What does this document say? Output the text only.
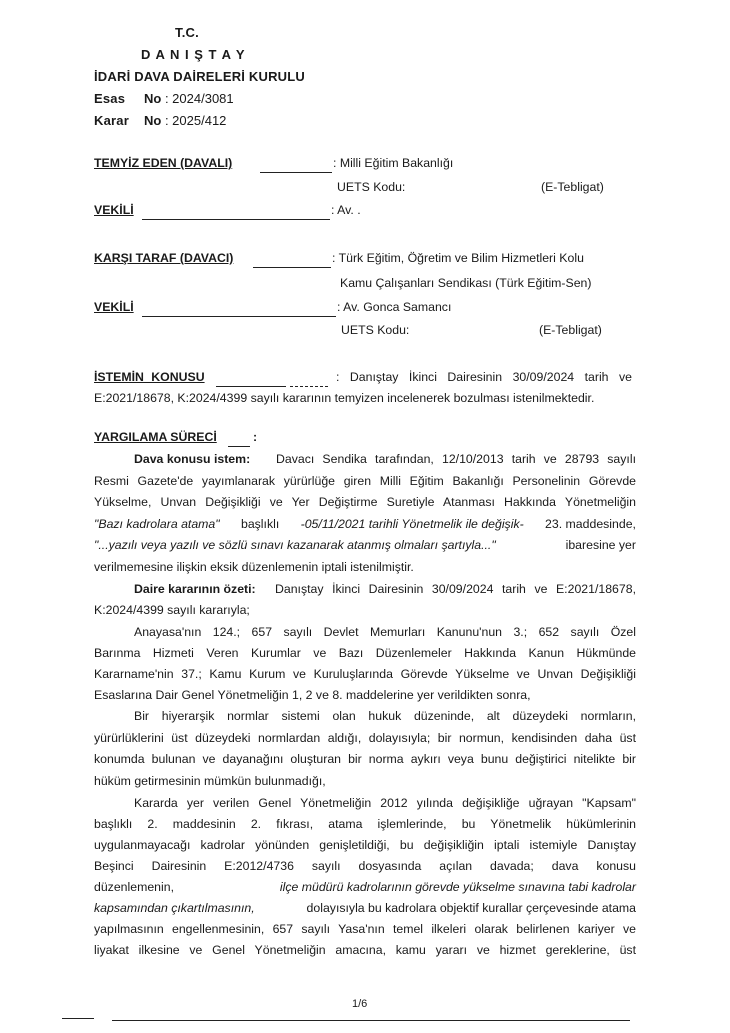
T.C.
D A N I Ş T A Y
İDARİ DAVA DAİRELERİ KURULU
Esas No : 2024/3081
Karar No : 2025/412
TEMYİZ EDEN (DAVALI)	: Milli Eğitim Bakanlığı
UETS Kodu:	(E-Tebligat)
VEKİLİ	: Av. .
KARŞI TARAF (DAVACI)	: Türk Eğitim, Öğretim ve Bilim Hizmetleri Kolu
Kamu Çalışanları Sendikası (Türk Eğitim-Sen)
VEKİLİ	: Av. Gonca Samancı
UETS Kodu:	(E-Tebligat)
İSTEMİN KONUSU	: Danıştay İkinci Dairesinin 30/09/2024 tarih ve
E:2021/18678, K:2024/4399 sayılı kararının temyizen incelenerek bozulması istenilmektedir.
YARGILAMA SÜRECİ	:
Dava konusu istem: Davacı Sendika tarafından, 12/10/2013 tarih ve 28793 sayılı
Resmi Gazete'de yayımlanarak yürürlüğe giren Milli Eğitim Bakanlığı Personelinin Görevde
Yükselme, Unvan Değişikliği ve Yer Değiştirme Suretiyle Atanması Hakkında Yönetmeliğin
"Bazı kadrolara atama" başlıklı -05/11/2021 tarihli Yönetmelik ile değişik- 23. maddesinde,
"...yazılı veya yazılı ve sözlü sınavı kazanarak atanmış olmaları şartıyla..."	ibaresine yer
verilmemesine ilişkin eksik düzenlemenin iptali istenilmiştir.
Daire kararının özeti: Danıştay İkinci Dairesinin 30/09/2024 tarih ve E:2021/18678,
K:2024/4399 sayılı kararıyla;
Anayasa'nın 124.; 657 sayılı Devlet Memurları Kanunu'nun 3.; 652 sayılı Özel
Barınma Hizmeti Veren Kurumlar ve Bazı Düzenlemeler Hakkında Kanun Hükmünde
Kararname'nin 37.; Kamu Kurum ve Kuruluşlarında Görevde Yükselme ve Unvan Değişikliği
Esaslarına Dair Genel Yönetmeliğin 1, 2 ve 8. maddelerine yer verildikten sonra,
Bir hiyerarşik normlar sistemi olan hukuk düzeninde, alt düzeydeki normların,
yürürlüklerini üst düzeydeki normlardan aldığı, dolayısıyla; bir normun, kendisinden daha üst
konumda bulunan ve dayanağını oluşturan bir norma aykırı veya bunu değiştirici nitelikte bir
hüküm getirmesinin mümkün bulunmadığı,
Kararda yer verilen Genel Yönetmeliğin 2012 yılında değişikliğe uğrayan "Kapsam"
başlıklı 2. maddesinin 2. fıkrası, atama işlemlerinde, bu Yönetmelik hükümlerinin
uygulanmayacağı kadrolar yönünden genişletildiği, bu değişikliğin iptali istemiyle Danıştay
Beşinci Dairesinin E:2012/4736 sayılı dosyasında açılan davada; dava konusu
düzenlemenin,	ilçe müdürü kadrolarının görevde yükselme sınavına tabi kadrolar
kapsamından çıkartılmasının,	dolayısıyla bu kadrolara objektif kurallar çerçevesinde atama
yapılmasının engellenmesinin, 657 sayılı Yasa'nın temel ilkeleri olarak belirlenen kariyer ve
liyakat ilkesine ve Genel Yönetmeliğin amacına, kamu yararı ve hizmet gereklerine, üst
1/6
